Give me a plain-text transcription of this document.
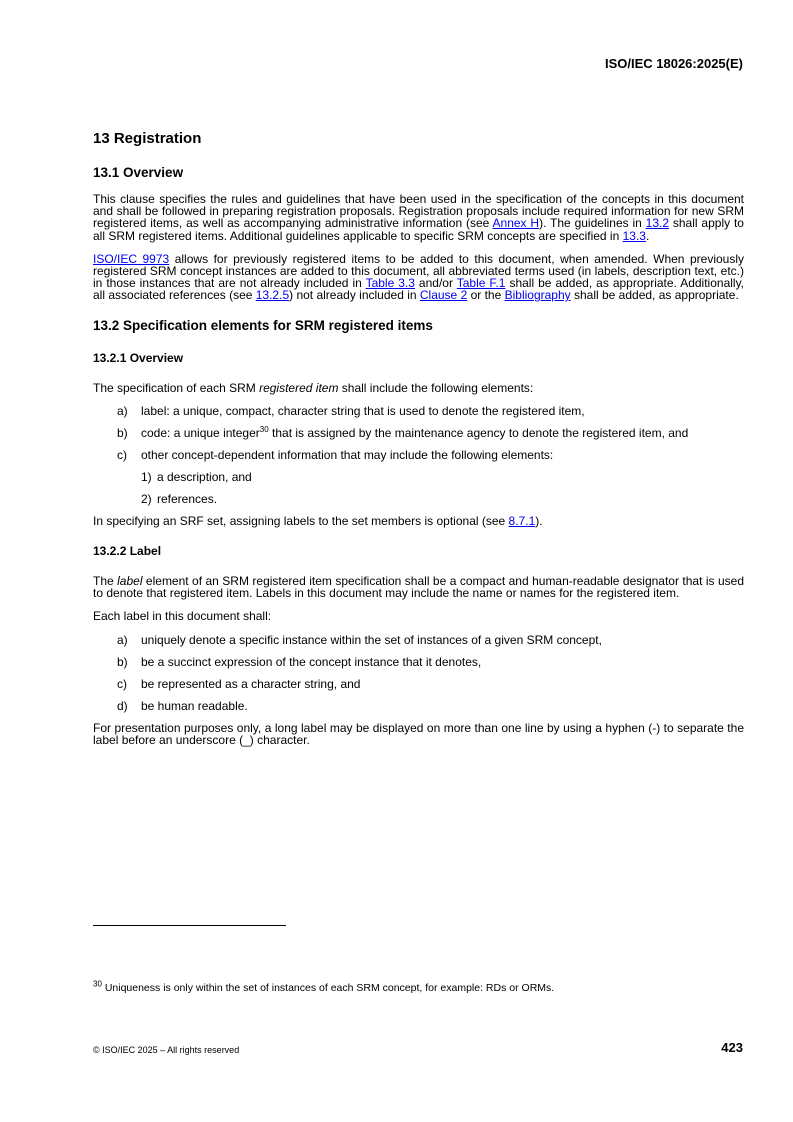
ISO/IEC 18026:2025(E)
13 Registration
13.1 Overview

This clause specifies the rules and guidelines that have been used in the specification of the concepts in this document and shall be followed in preparing registration proposals. Registration proposals include required information for new SRM registered items, as well as accompanying administrative information (see Annex H). The guidelines in 13.2 shall apply to all SRM registered items. Additional guidelines applicable to specific SRM concepts are specified in 13.3.

ISO/IEC 9973 allows for previously registered items to be added to this document, when amended. When previously registered SRM concept instances are added to this document, all abbreviated terms used (in labels, description text, etc.) in those instances that are not already included in Table 3.3 and/or Table F.1 shall be added, as appropriate. Additionally, all associated references (see 13.2.5) not already included in Clause 2 or the Bibliography shall be added, as appropriate.

13.2 Specification elements for SRM registered items
13.2.1 Overview

The specification of each SRM registered item shall include the following elements:

a) label: a unique, compact, character string that is used to denote the registered item,
b) code: a unique integer$^{30}$ that is assigned by the maintenance agency to denote the registered item, and
c) other concept-dependent information that may include the following elements:
1) a description, and
2) references.

In specifying an SRF set, assigning labels to the set members is optional (see 8.7.1).

13.2.2 Label

The label element of an SRM registered item specification shall be a compact and human-readable designator that is used to denote that registered item. Labels in this document may include the name or names for the registered item.

Each label in this document shall:

a) uniquely denote a specific instance within the set of instances of a given SRM concept,
b) be a succinct expression of the concept instance that it denotes,
c) be represented as a character string, and
d) be human readable.

For presentation purposes only, a long label may be displayed on more than one line by using a hyphen (-) to separate the label before an underscore (_) character.

$^{30}$ Uniqueness is only within the set of instances of each SRM concept, for example: RDs or ORMs.
© ISO/IEC 2025 – All rights reserved	423
